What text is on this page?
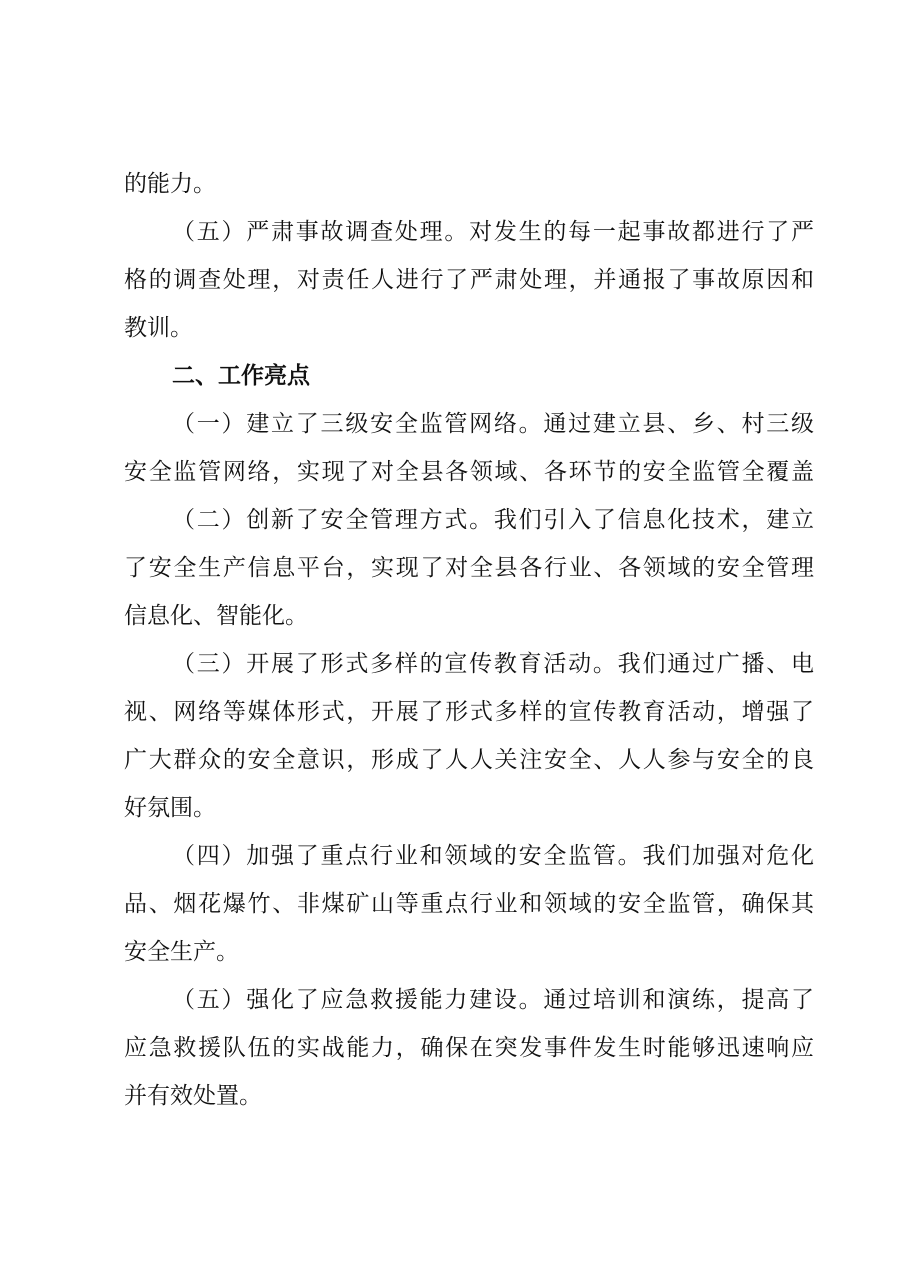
的能力。
（五）严肃事故调查处理。对发生的每一起事故都进行了严
格的调查处理，对责任人进行了严肃处理，并通报了事故原因和
教训。
二、工作亮点
（一）建立了三级安全监管网络。通过建立县、乡、村三级
安全监管网络，实现了对全县各领域、各环节的安全监管全覆盖
（二）创新了安全管理方式。我们引入了信息化技术，建立
了安全生产信息平台，实现了对全县各行业、各领域的安全管理
信息化、智能化。
（三）开展了形式多样的宣传教育活动。我们通过广播、电
视、网络等媒体形式，开展了形式多样的宣传教育活动，增强了
广大群众的安全意识，形成了人人关注安全、人人参与安全的良
好氛围。
（四）加强了重点行业和领域的安全监管。我们加强对危化
品、烟花爆竹、非煤矿山等重点行业和领域的安全监管，确保其
安全生产。
（五）强化了应急救援能力建设。通过培训和演练，提高了
应急救援队伍的实战能力，确保在突发事件发生时能够迅速响应
并有效处置。
